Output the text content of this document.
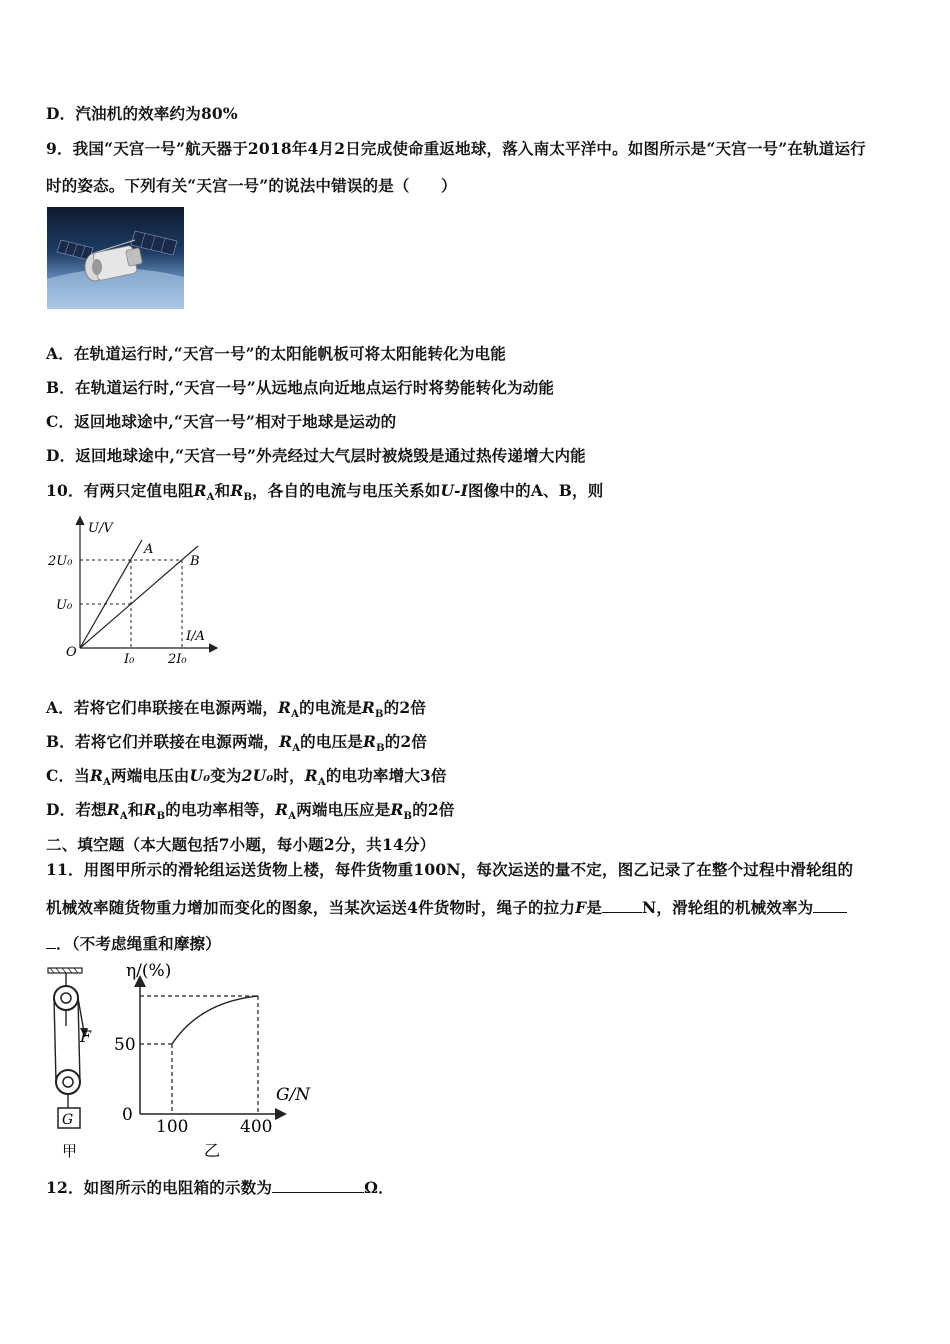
D．汽油机的效率约为80%
9．我国“天宫一号”航天器于2018年4月2日完成使命重返地球，落入南太平洋中。如图所示是“天宫一号”在轨道运行
时的姿态。下列有关“天宫一号”的说法中错误的是（　　）
A．在轨道运行时,“天宫一号”的太阳能帆板可将太阳能转化为电能
B．在轨道运行时,“天宫一号”从远地点向近地点运行时将势能转化为动能
C．返回地球途中,“天宫一号”相对于地球是运动的
D．返回地球途中,“天宫一号”外壳经过大气层时被烧毁是通过热传递增大内能
10．有两只定值电阻$R_A$和$R_B$，各自的电流与电压关系如U-I图像中的A、B，则
U/V
I/A
O
2U₀
U₀
I₀	2I₀
A
B
A．若将它们串联接在电源两端，$R_A$的电流是$R_B$的2倍
B．若将它们并联接在电源两端，$R_A$的电压是$R_B$的2倍
C．当$R_A$两端电压由U₀变为2U₀时，$R_A$的电功率增大3倍
D．若想$R_A$和$R_B$的电功率相等，$R_A$两端电压应是$R_B$的2倍
二、填空题（本大题包括7小题，每小题2分，共14分）
11．用图甲所示的滑轮组运送货物上楼，每件货物重100N，每次运送的量不定，图乙记录了在整个过程中滑轮组的
机械效率随货物重力增加而变化的图象，当某次运送4件货物时，绳子的拉力F是	N，滑轮组的机械效率为
．（不考虑绳重和摩擦）
F
G
甲
η/(%)
G/N
50
0
100	400
乙
12．如图所示的电阻箱的示数为	Ω．
